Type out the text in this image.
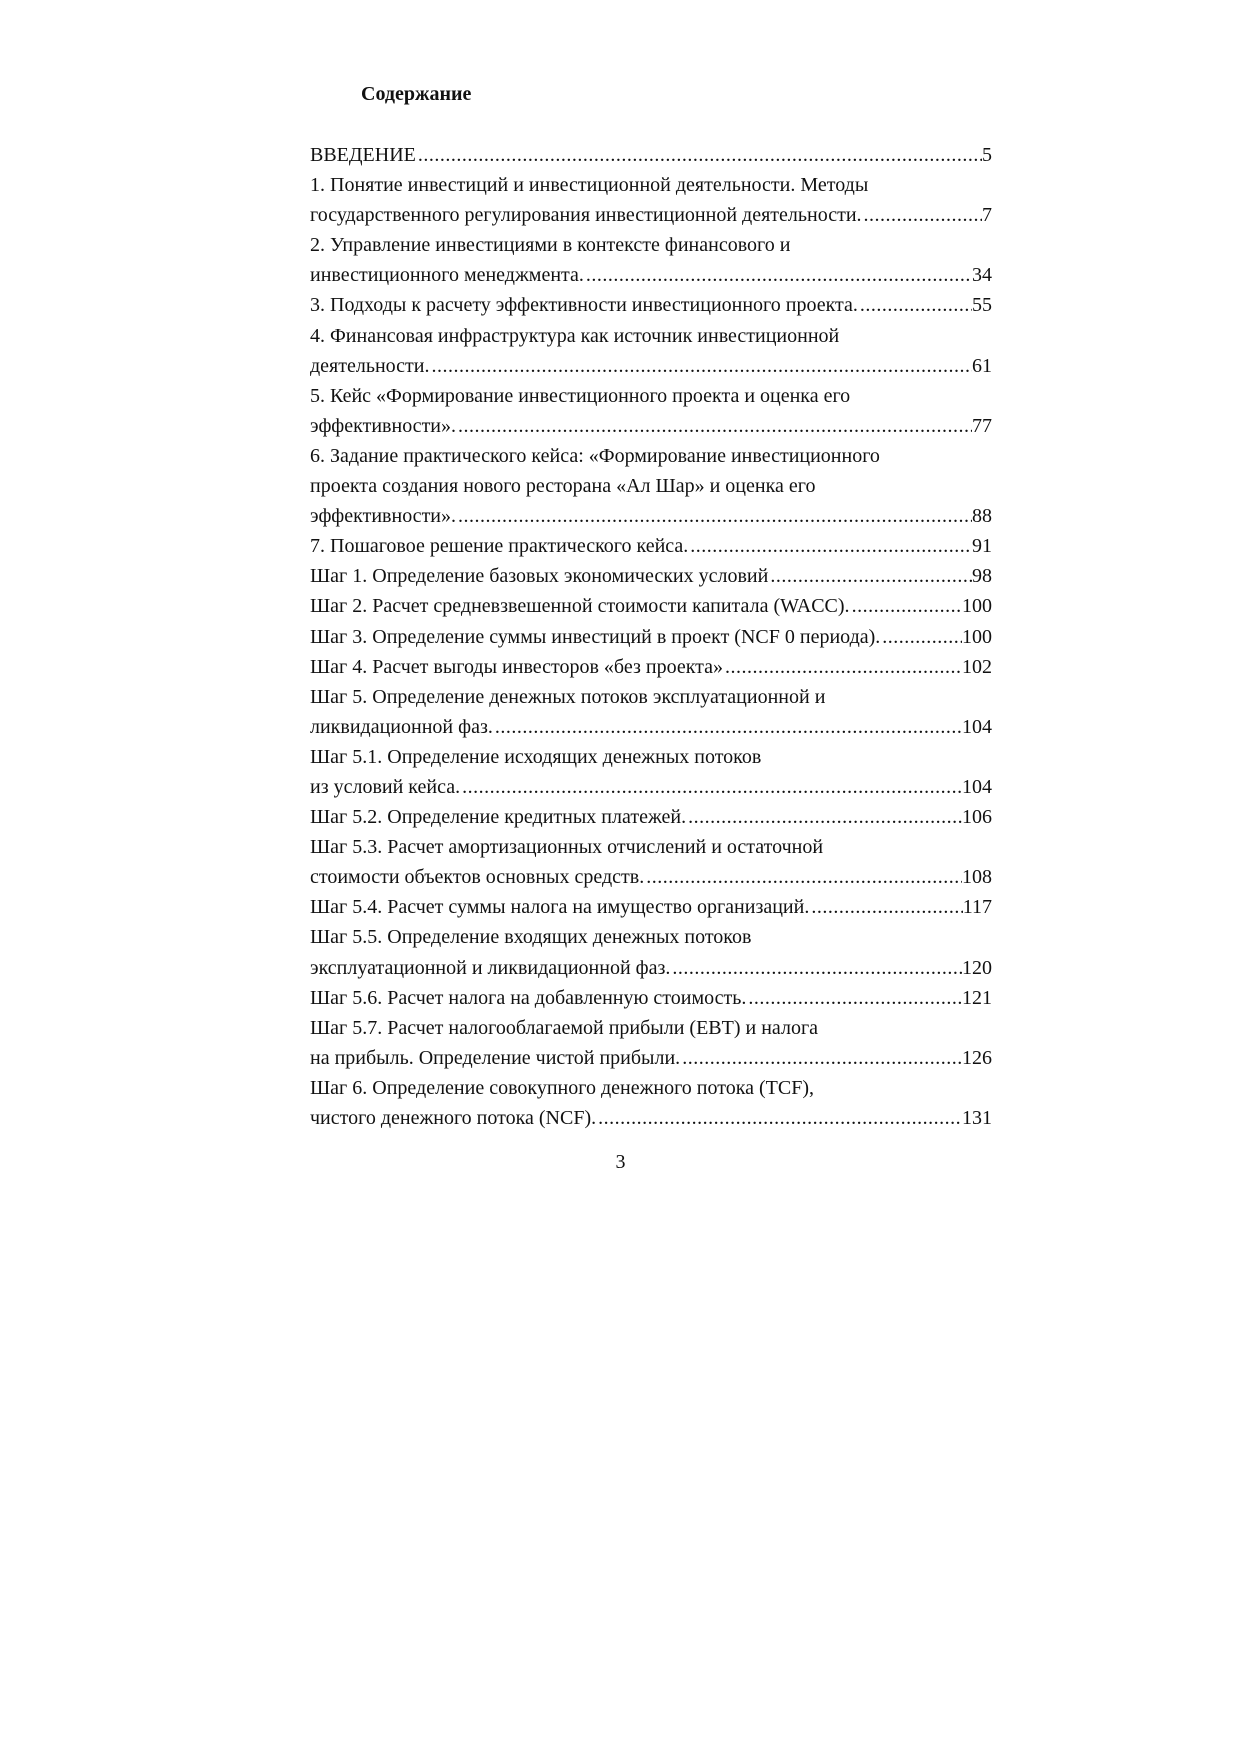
Содержание
ВВЕДЕНИЕ .....	5
1. Понятие инвестиций и инвестиционной деятельности. Методы
государственного регулирования инвестиционной деятельности. .....	7
2. Управление инвестициями в контексте финансового и
инвестиционного менеджмента. .....	34
3. Подходы к расчету эффективности инвестиционного проекта. .....	55
4. Финансовая инфраструктура как источник инвестиционной
деятельности. .....	61
5. Кейс «Формирование инвестиционного проекта и оценка его
эффективности». .....	77
6. Задание практического кейса: «Формирование инвестиционного
проекта создания нового ресторана «Ал Шар» и оценка его
эффективности». .....	88
7. Пошаговое решение практического кейса. .....	91
Шаг 1. Определение базовых экономических условий .....	98
Шаг 2. Расчет средневзвешенной стоимости капитала (WACC). .....	100
Шаг 3. Определение суммы инвестиций в проект (NCF 0 периода). .....	100
Шаг 4. Расчет выгоды инвесторов «без проекта» .....	102
Шаг 5. Определение денежных потоков эксплуатационной и
ликвидационной фаз. .....	104
Шаг 5.1. Определение исходящих денежных потоков
из условий кейса. .....	104
Шаг 5.2. Определение кредитных платежей. .....	106
Шаг 5.3. Расчет амортизационных отчислений и остаточной
стоимости объектов основных средств. .....	108
Шаг 5.4. Расчет суммы налога на имущество организаций. .....	117
Шаг 5.5. Определение входящих денежных потоков
эксплуатационной и ликвидационной фаз. .....	120
Шаг 5.6. Расчет налога на добавленную стоимость. .....	121
Шаг 5.7. Расчет налогооблагаемой прибыли (EBT) и налога
на прибыль. Определение чистой прибыли. .....	126
Шаг 6. Определение совокупного денежного потока (TCF),
чистого денежного потока (NCF). .....	131
3
